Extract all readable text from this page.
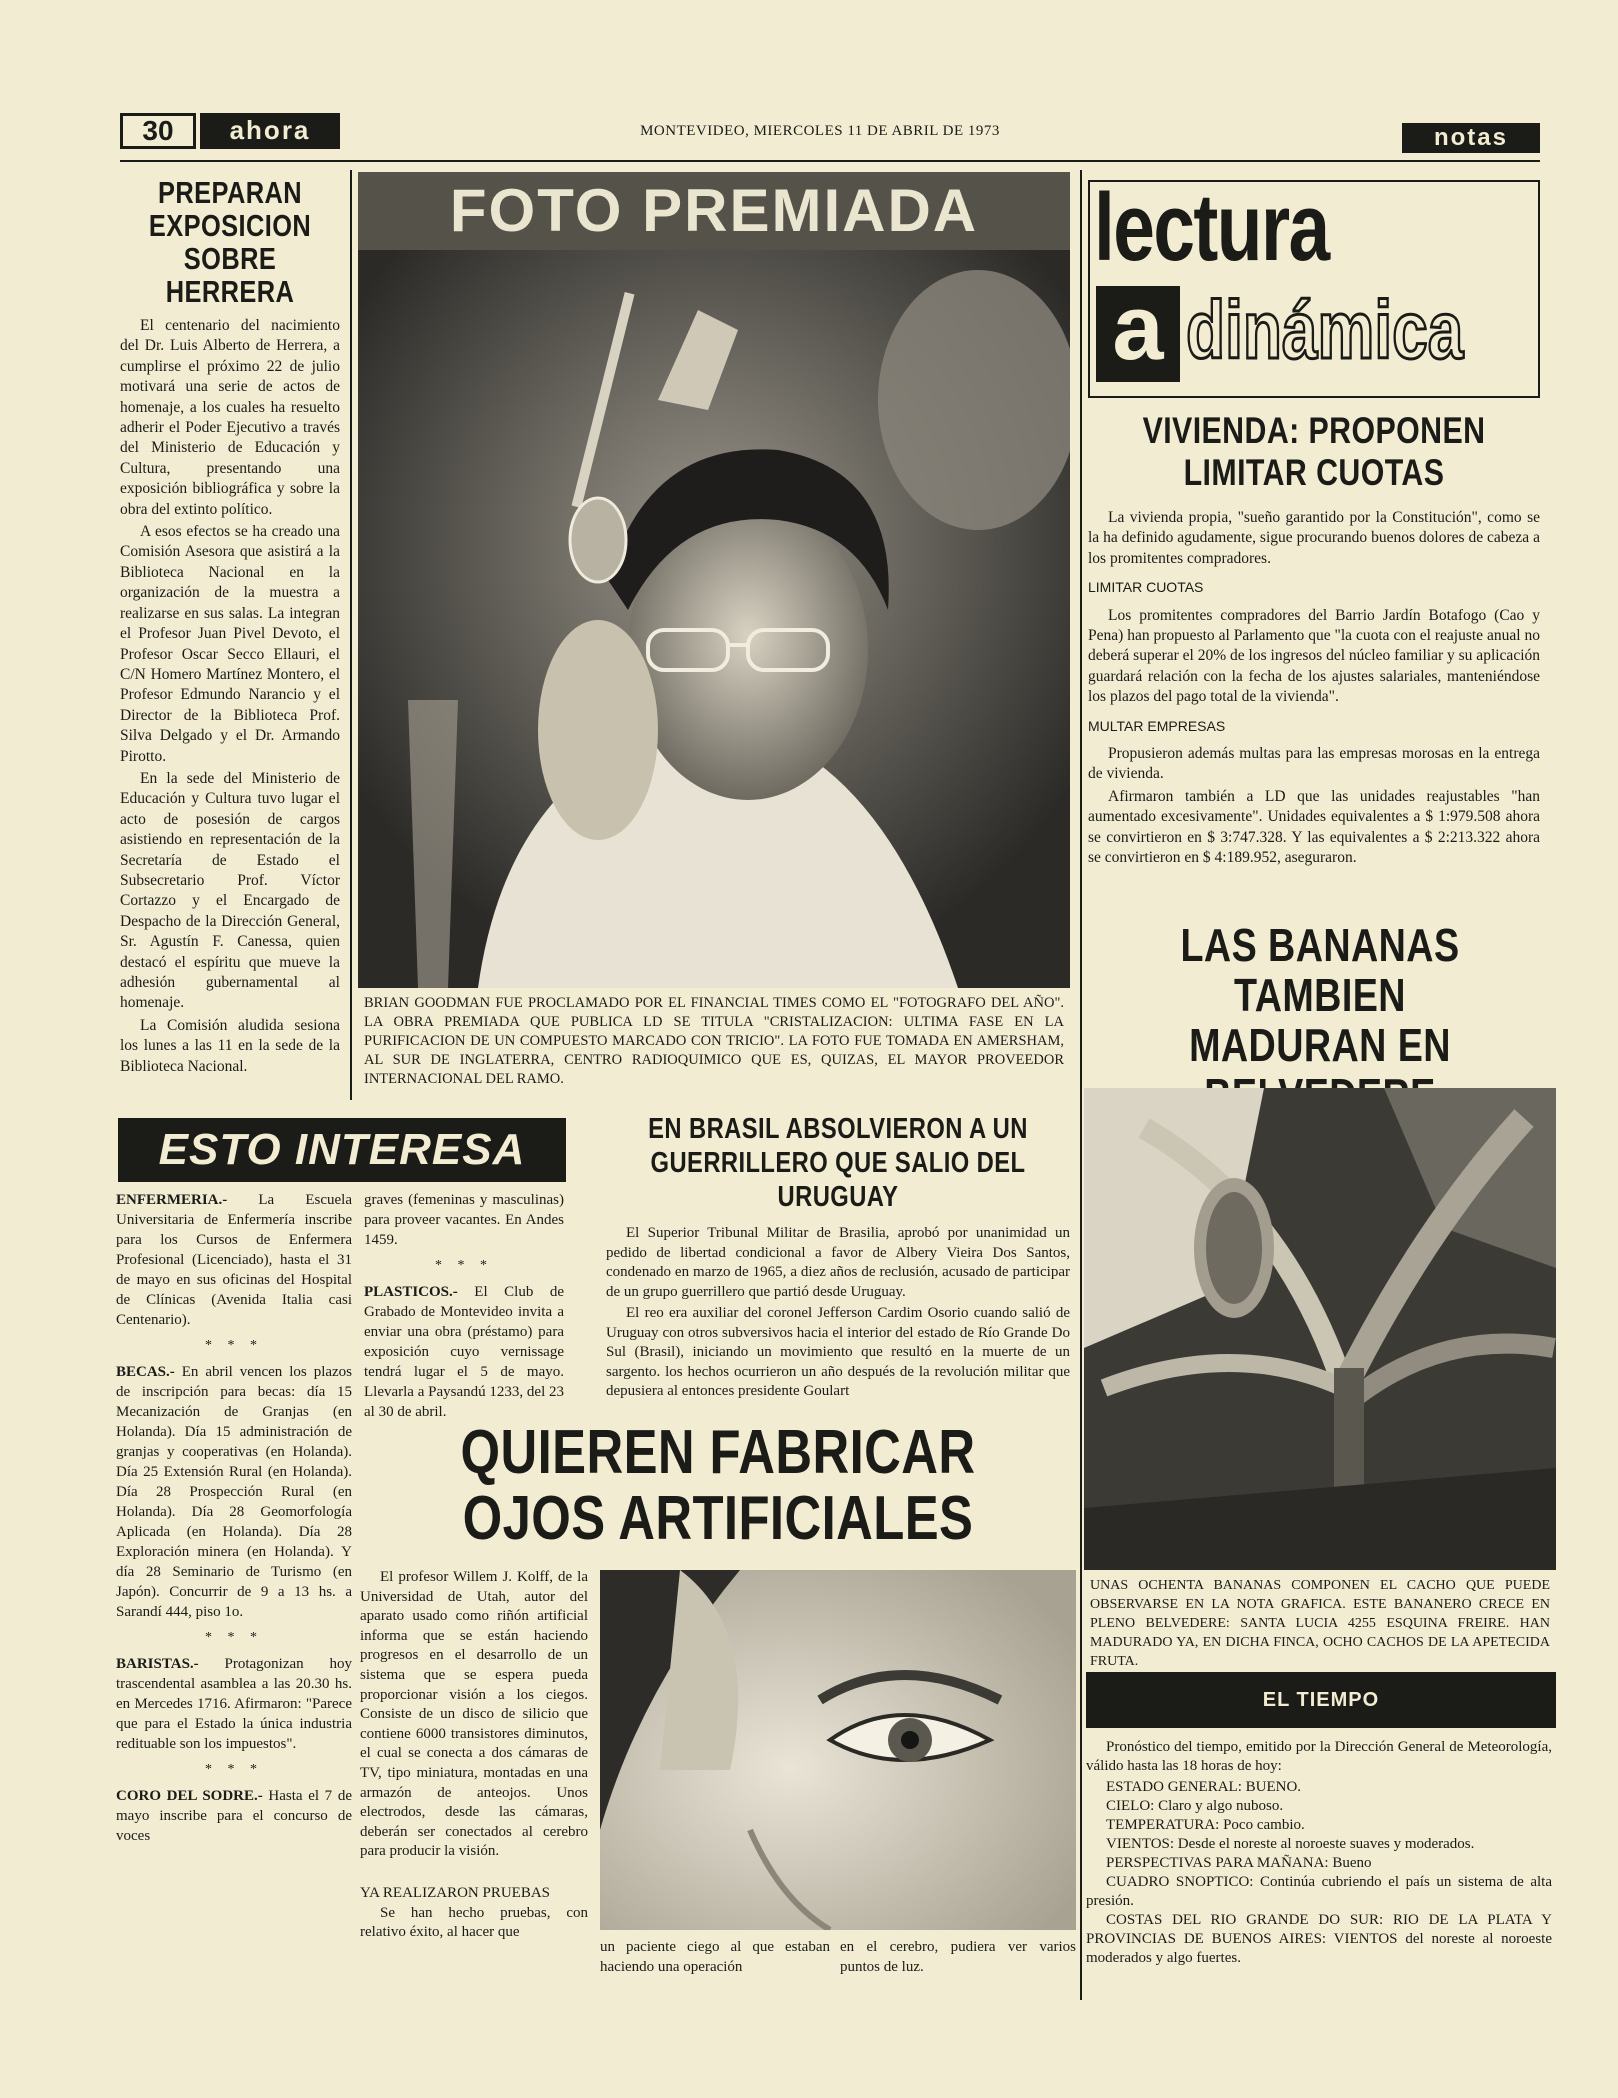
30	ahora	MONTEVIDEO, MIERCOLES 11 DE ABRIL DE 1973	notas
PREPARAN EXPOSICION SOBRE HERRERA

El centenario del nacimiento del Dr. Luis Alberto de Herrera, a cumplirse el próximo 22 de julio motivará una serie de actos de homenaje, a los cuales ha resuelto adherir el Poder Ejecutivo a través del Ministerio de Educación y Cultura, presentando una exposición bibliográfica y sobre la obra del extinto político.

A esos efectos se ha creado una Comisión Asesora que asistirá a la Biblioteca Nacional en la organización de la muestra a realizarse en sus salas. La integran el Profesor Juan Pivel Devoto, el Profesor Oscar Secco Ellauri, el C/N Homero Martínez Montero, el Profesor Edmundo Narancio y el Director de la Biblioteca Prof. Silva Delgado y el Dr. Armando Pirotto.

En la sede del Ministerio de Educación y Cultura tuvo lugar el acto de posesión de cargos asistiendo en representación de la Secretaría de Estado el Subsecretario Prof. Víctor Cortazzo y el Encargado de Despacho de la Dirección General, Sr. Agustín F. Canessa, quien destacó el espíritu que mueve la adhesión gubernamental al homenaje.

La Comisión aludida sesiona los lunes a las 11 en la sede de la Biblioteca Nacional.

FOTO PREMIADA
BRIAN GOODMAN FUE PROCLAMADO POR EL FINANCIAL TIMES COMO EL "FOTOGRAFO DEL AÑO". LA OBRA PREMIADA QUE PUBLICA LD SE TITULA "CRISTALIZACION: ULTIMA FASE EN LA PURIFICACION DE UN COMPUESTO MARCADO CON TRICIO". LA FOTO FUE TOMADA EN AMERSHAM, AL SUR DE INGLATERRA, CENTRO RADIOQUIMICO QUE ES, QUIZAS, EL MAYOR PROVEEDOR INTERNACIONAL DEL RAMO.
lectura
a dinámica
VIVIENDA: PROPONEN LIMITAR CUOTAS

La vivienda propia, "sueño garantido por la Constitución", como se la ha definido agudamente, sigue procurando buenos dolores de cabeza a los promitentes compradores.

LIMITAR CUOTAS

Los promitentes compradores del Barrio Jardín Botafogo (Cao y Pena) han propuesto al Parlamento que "la cuota con el reajuste anual no deberá superar el 20% de los ingresos del núcleo familiar y su aplicación guardará relación con la fecha de los ajustes salariales, manteniéndose los plazos del pago total de la vivienda".

MULTAR EMPRESAS

Propusieron además multas para las empresas morosas en la entrega de vivienda.

Afirmaron también a LD que las unidades reajustables "han aumentado excesivamente". Unidades equivalentes a $ 1:979.508 ahora se convirtieron en $ 3:747.328. Y las equivalentes a $ 2:213.322 ahora se convirtieron en $ 4:189.952, aseguraron.

LAS BANANAS TAMBIEN MADURAN EN
UNAS OCHENTA BANANAS COMPONEN EL CACHO QUE PUEDE OBSERVARSE EN LA NOTA GRAFICA. ESTE BANANERO CRECE EN PLENO BELVEDERE: SANTA LUCIA 4255 ESQUINA FREIRE. HAN MADURADO YA, EN DICHA FINCA, OCHO CACHOS DE LA APETECIDA FRUTA.
EL TIEMPO

Pronóstico del tiempo, emitido por la Dirección General de Meteorología, válido hasta las 18 horas de hoy:

ESTADO GENERAL: BUENO.
CIELO: Claro y algo nuboso.
TEMPERATURA: Poco cambio.
VIENTOS: Desde el noreste al noroeste suaves y moderados.
PERSPECTIVAS PARA MAÑANA: Bueno
CUADRO SNOPTICO: Continúa cubriendo el país un sistema de alta presión.
COSTAS DEL RIO GRANDE DO SUR: RIO DE LA PLATA Y PROVINCIAS DE BUENOS AIRES: VIENTOS del noreste al noroeste moderados y algo fuertes.
ESTO INTERESA
ENFERMERIA.- La Escuela Universitaria de Enfermería inscribe para los Cursos de Enfermera Profesional (Licenciado), hasta el 31 de mayo en sus oficinas del Hospital de Clínicas (Avenida Italia casi Centenario).
* * *
BECAS.- En abril vencen los plazos de inscripción para becas: día 15 Mecanización de Granjas (en Holanda). Día 15 administración de granjas y cooperativas (en Holanda). Día 25 Extensión Rural (en Holanda). Día 28 Prospección Rural (en Holanda). Día 28 Geomorfología Aplicada (en Holanda). Día 28 Exploración minera (en Holanda). Y día 28 Seminario de Turismo (en Japón). Concurrir de 9 a 13 hs. a Sarandí 444, piso 1o.
* * *
BARISTAS.- Protagonizan hoy trascendental asamblea a las 20.30 hs. en Mercedes 1716. Afirmaron: "Parece que para el Estado la única industria redituable son los impuestos".
* * *
CORO DEL SODRE.- Hasta el 7 de mayo inscribe para el concurso de voces
graves (femeninas y masculinas) para proveer vacantes. En Andes 1459.
* * *
PLASTICOS.- El Club de Grabado de Montevideo invita a enviar una obra (préstamo) para exposición cuyo vernissage tendrá lugar el 5 de mayo. Llevarla a Paysandú 1233, del 23 al 30 de abril.
EN BRASIL ABSOLVIERON A UN GUERRILLERO QUE SALIO DEL URUGUAY

El Superior Tribunal Militar de Brasilia, aprobó por unanimidad un pedido de libertad condicional a favor de Albery Vieira Dos Santos, condenado en marzo de 1965, a diez años de reclusión, acusado de participar de un grupo guerrillero que partió desde Uruguay.

El reo era auxiliar del coronel Jefferson Cardim Osorio cuando salió de Uruguay con otros subversivos hacia el interior del estado de Río Grande Do Sul (Brasil), iniciando un movimiento que resultó en la muerte de un sargento. los hechos ocurrieron un año después de la revolución militar que depusiera al entonces presidente Goulart

QUIEREN FABRICAR
OJOS ARTIFICIALES

El profesor Willem J. Kolff, de la Universidad de Utah, autor del aparato usado como riñón artificial informa que se están haciendo progresos en el desarrollo de un sistema que se espera pueda proporcionar visión a los ciegos. Consiste de un disco de silicio que contiene 6000 transistores diminutos, el cual se conecta a dos cámaras de TV, tipo miniatura, montadas en una armazón de anteojos. Unos electrodos, desde las cámaras, deberán ser conectados al cerebro para producir la visión.

YA REALIZARON PRUEBAS

Se han hecho pruebas, con relativo éxito, al hacer que

un paciente ciego al que estaban haciendo una operación
en el cerebro, pudiera ver varios puntos de luz.
